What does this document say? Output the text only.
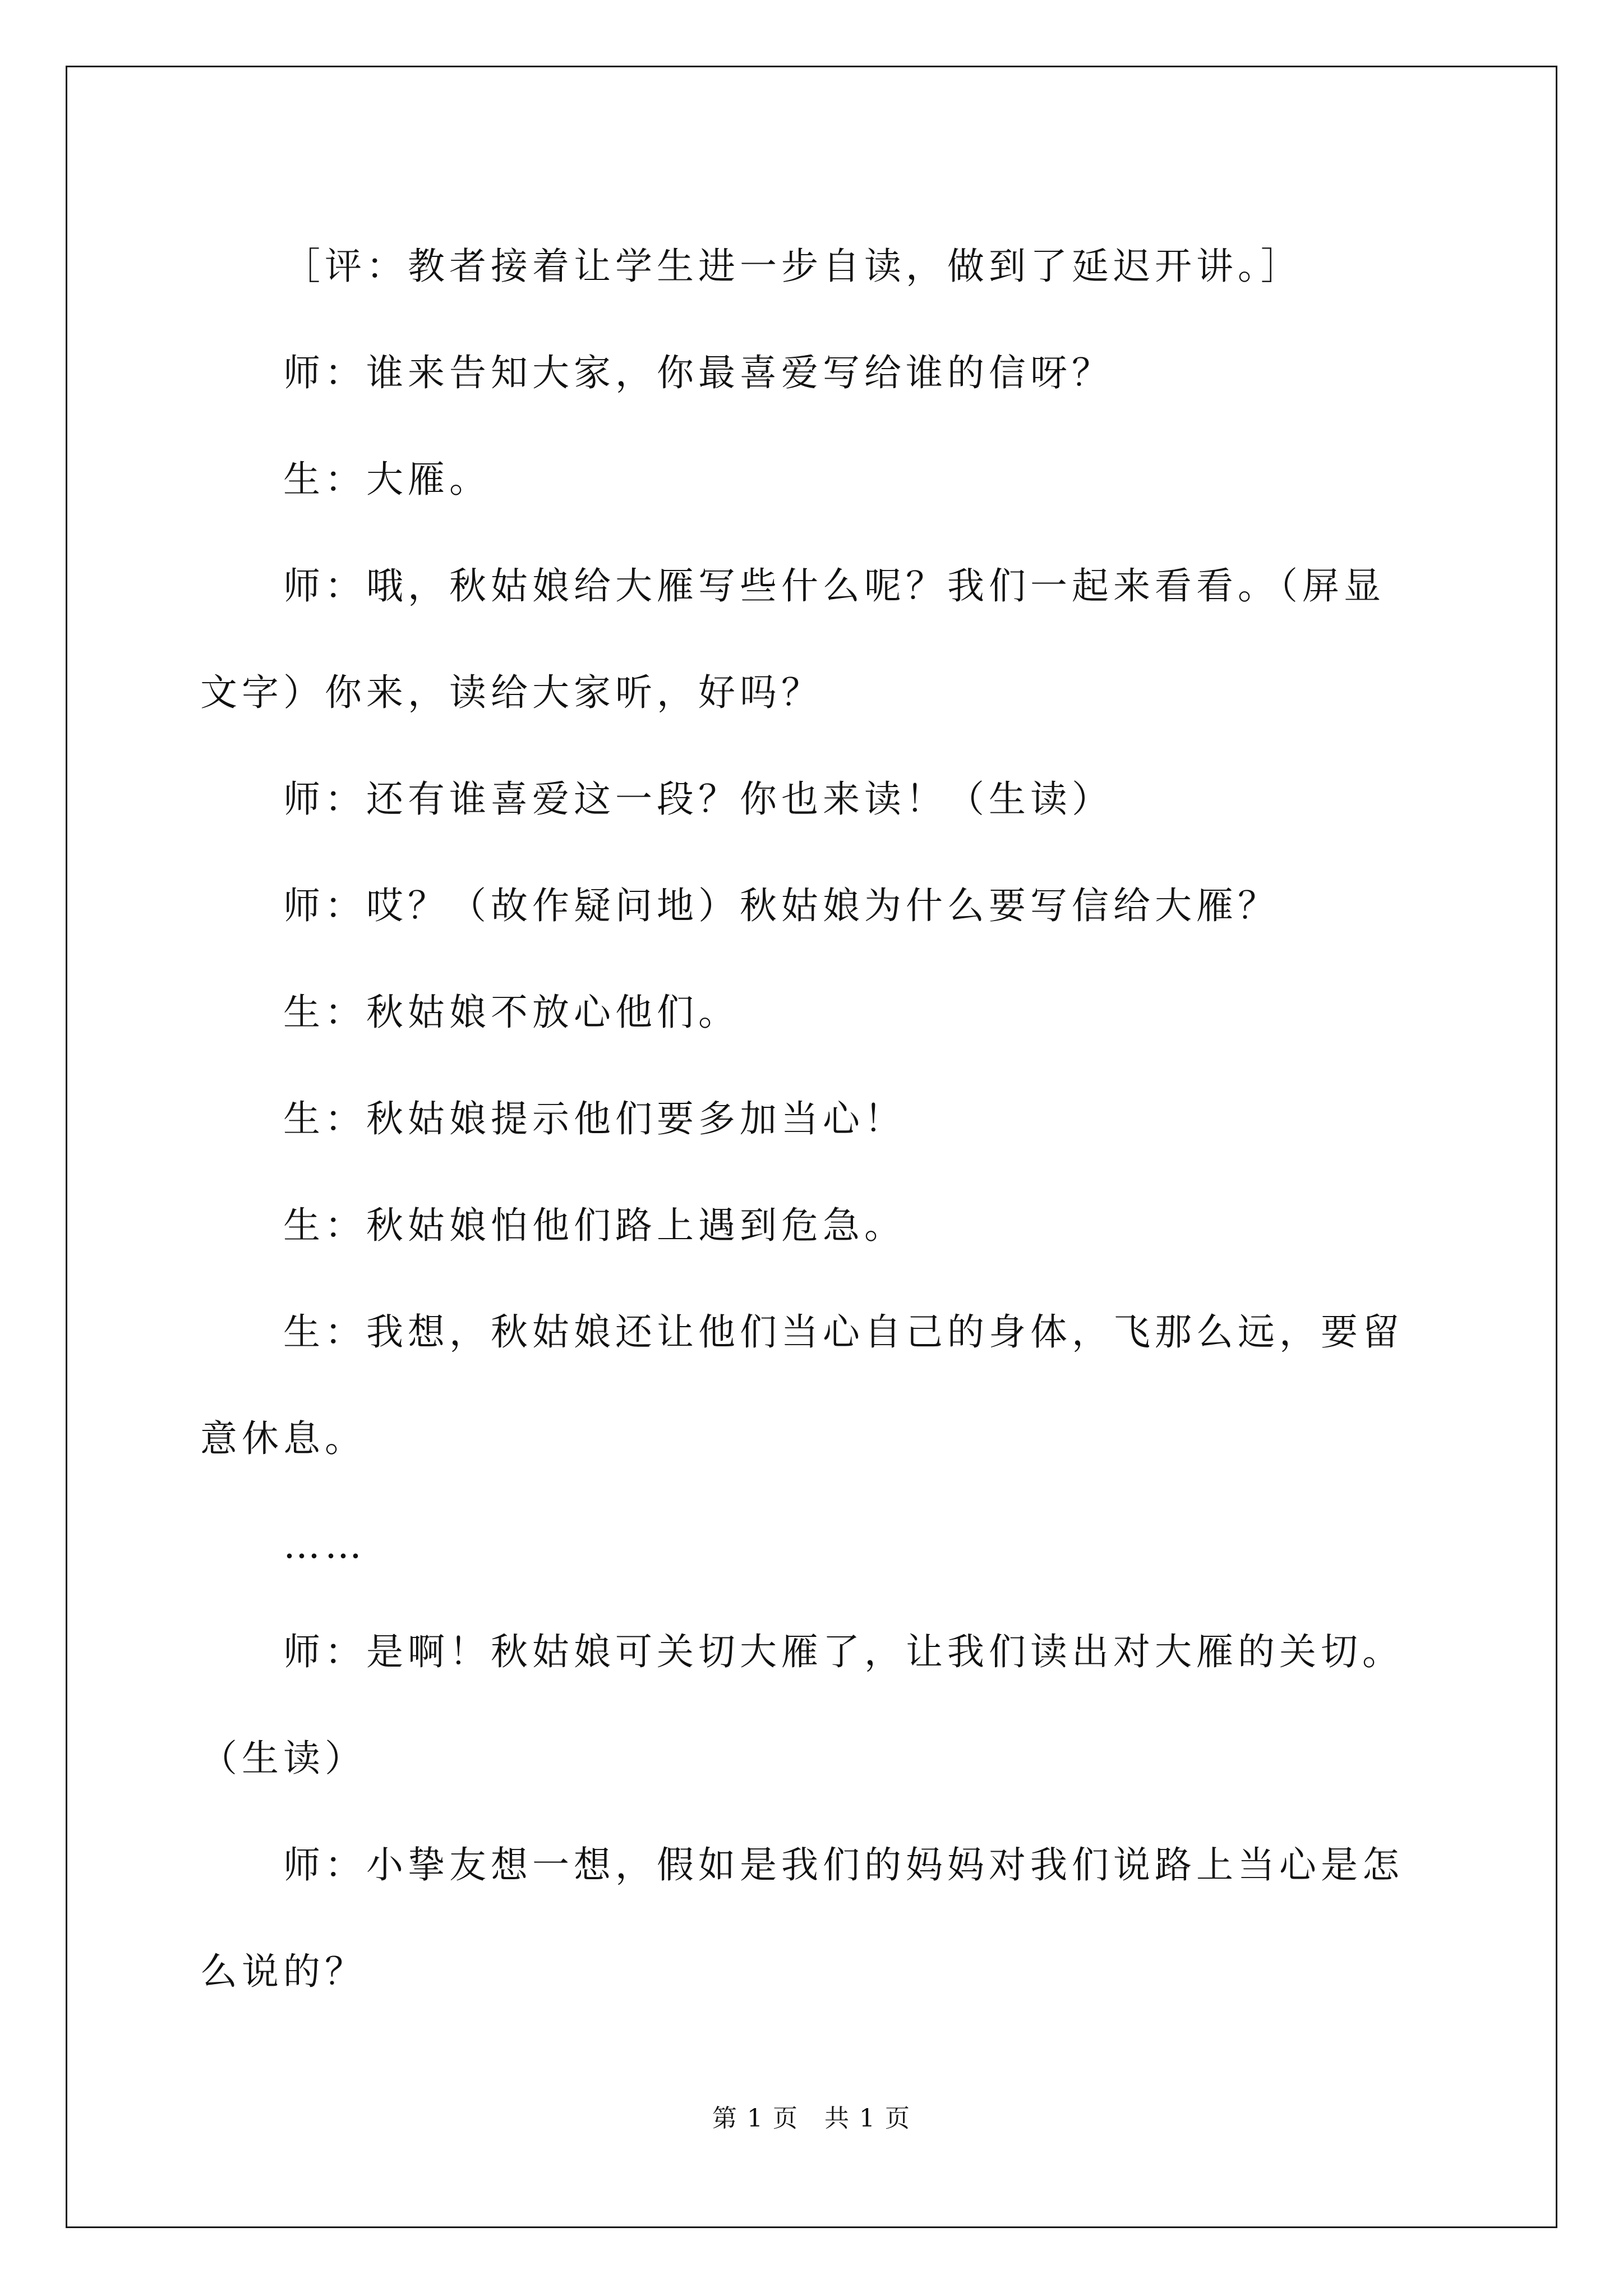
［评：教者接着让学生进一步自读，做到了延迟开讲。］

师：谁来告知大家，你最喜爱写给谁的信呀？

生：大雁。

师：哦，秋姑娘给大雁写些什么呢？我们一起来看看。（屏显文字）你来，读给大家听，好吗？

师：还有谁喜爱这一段？你也来读！（生读）

师：哎？（故作疑问地）秋姑娘为什么要写信给大雁？

生：秋姑娘不放心他们。

生：秋姑娘提示他们要多加当心！

生：秋姑娘怕他们路上遇到危急。

生：我想，秋姑娘还让他们当心自己的身体，飞那么远，要留意休息。

……

师：是啊！秋姑娘可关切大雁了，让我们读出对大雁的关切。（生读）

师：小挚友想一想，假如是我们的妈妈对我们说路上当心是怎么说的？

第 1 页　共 1 页
